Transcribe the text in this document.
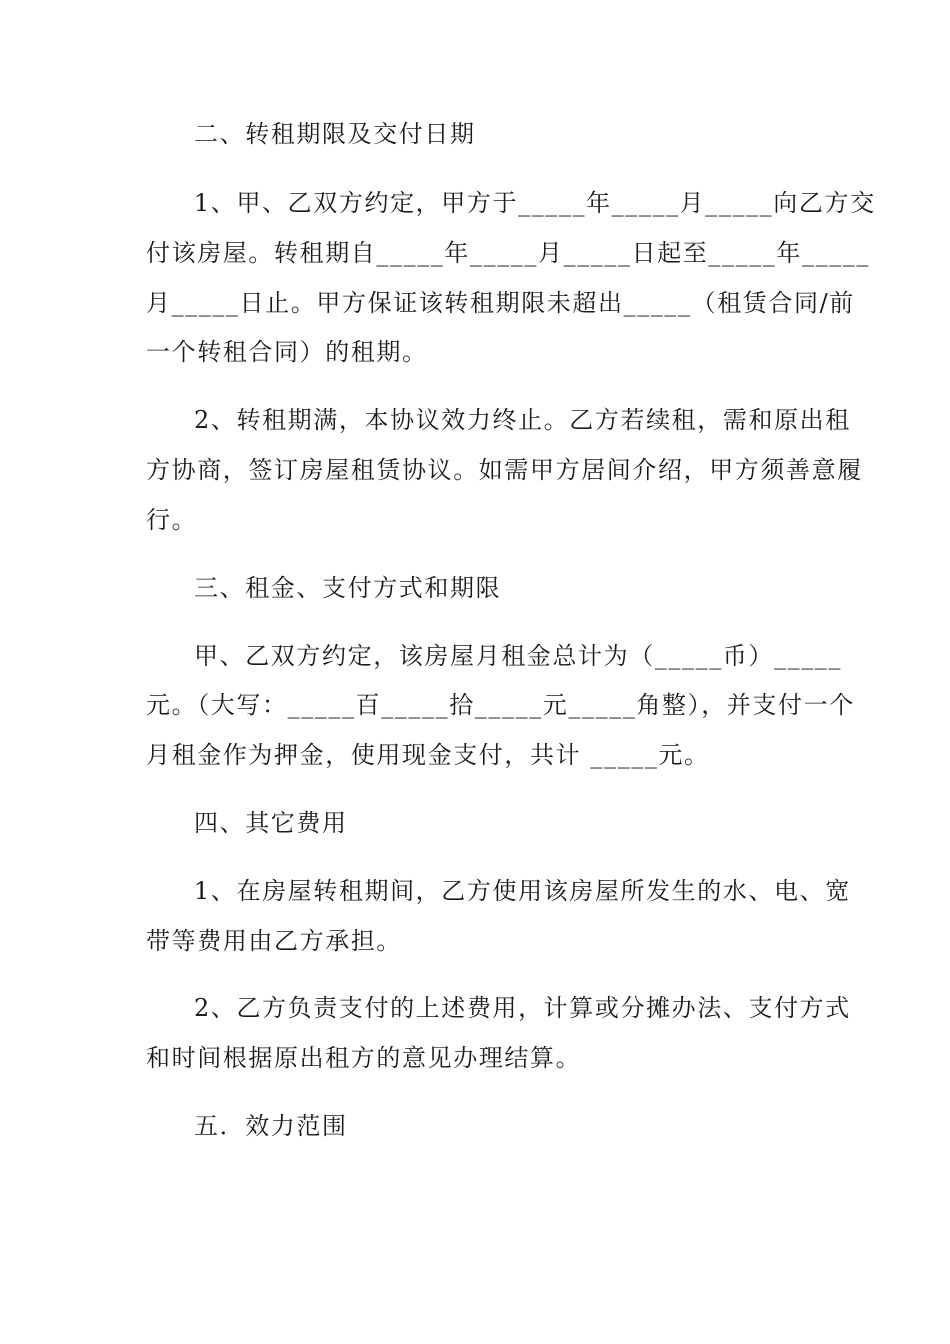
二、转租期限及交付日期
1、甲、乙双方约定，甲方于_____年_____月_____向乙方交
付该房屋。转租期自_____年_____月_____日起至_____年_____
月_____日止。甲方保证该转租期限未超出_____（租赁合同/前
一个转租合同）的租期。
2、转租期满，本协议效力终止。乙方若续租，需和原出租
方协商，签订房屋租赁协议。如需甲方居间介绍，甲方须善意履
行。
三、租金、支付方式和期限
甲、乙双方约定，该房屋月租金总计为（_____币）_____
元。（大写：_____百_____拾_____元_____角整），并支付一个
月租金作为押金，使用现金支付，共计 _____元。
四、其它费用
1、在房屋转租期间，乙方使用该房屋所发生的水、电、宽
带等费用由乙方承担。
2、乙方负责支付的上述费用，计算或分摊办法、支付方式
和时间根据原出租方的意见办理结算。
五．效力范围
